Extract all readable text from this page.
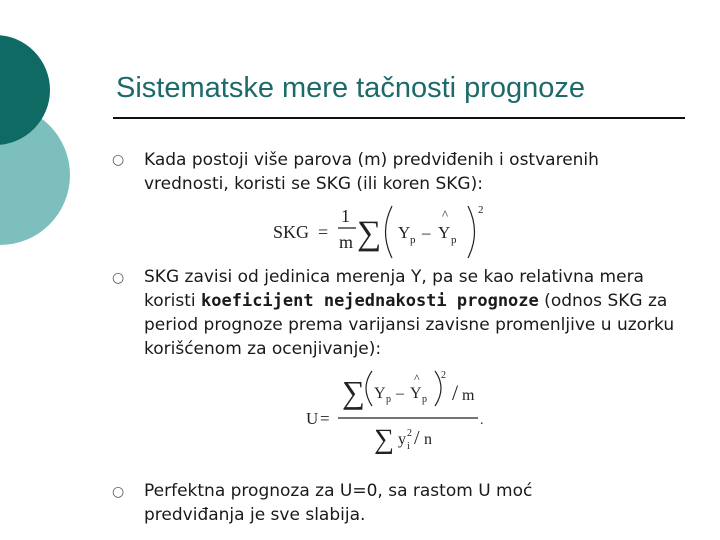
Sistematske mere tačnosti prognoze
○ Kada postoji više parova (m) predviđenih i ostvarenih vrednosti, koristi se SKG (ili koren SKG):
SKG =
1
m ∑ Y p –
^
Y p
2
○ SKG zavisi od jedinica merenja Y, pa se kao relativna mera koristi koeficijent nejednakosti prognoze (odnos SKG za period prognoze prema varijansi zavisne promenljive u uzorku korišćenom za ocenjivanje):
∑ Y p –
^
Y p
2
/ m
U =
∑ y 2
i / n
.
○ Perfektna prognoza za U=0, sa rastom U moć predviđanja je sve slabija.
